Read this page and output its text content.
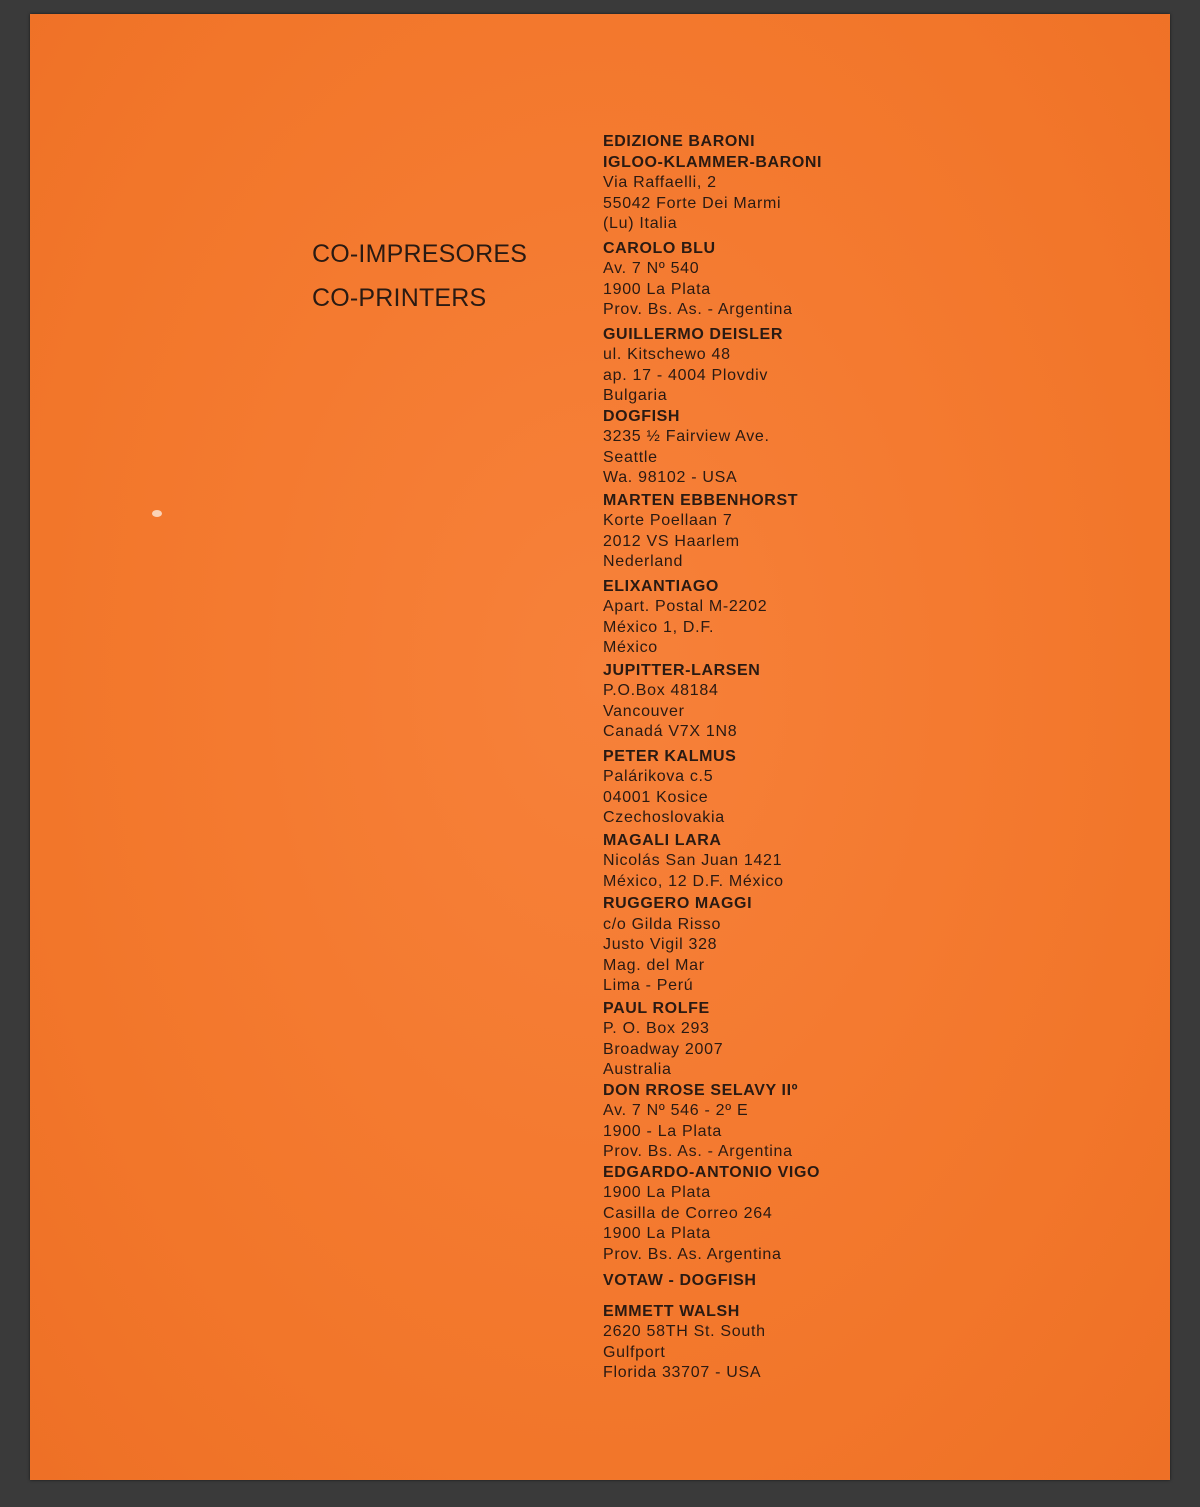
CO-IMPRESORES
CO-PRINTERS
EDIZIONE BARONI
IGLOO-KLAMMER-BARONI
Via Raffaelli, 2
55042 Forte Dei Marmi
(Lu) Italia
CAROLO BLU
Av. 7 Nº 540
1900 La Plata
Prov. Bs. As. - Argentina
GUILLERMO DEISLER
ul. Kitschewo 48
ap. 17 - 4004 Plovdiv
Bulgaria
DOGFISH
3235 ½ Fairview Ave.
Seattle
Wa. 98102 - USA
MARTEN EBBENHORST
Korte Poellaan 7
2012 VS Haarlem
Nederland
ELIXANTIAGO
Apart. Postal M-2202
México 1, D.F.
México
JUPITTER-LARSEN
P.O.Box 48184
Vancouver
Canadá V7X 1N8
PETER KALMUS
Palárikova c.5
04001 Kosice
Czechoslovakia
MAGALI LARA
Nicolás San Juan 1421
México, 12 D.F. México
RUGGERO MAGGI
c/o Gilda Risso
Justo Vigil 328
Mag. del Mar
Lima - Perú
PAUL ROLFE
P. O. Box 293
Broadway 2007
Australia
DON RROSE SELAVY IIº
Av. 7 Nº 546 - 2º E
1900 - La Plata
Prov. Bs. As. - Argentina
EDGARDO-ANTONIO VIGO
1900 La Plata
Casilla de Correo 264
1900 La Plata
Prov. Bs. As. Argentina
VOTAW - DOGFISH
EMMETT WALSH
2620 58TH St. South
Gulfport
Florida 33707 - USA
